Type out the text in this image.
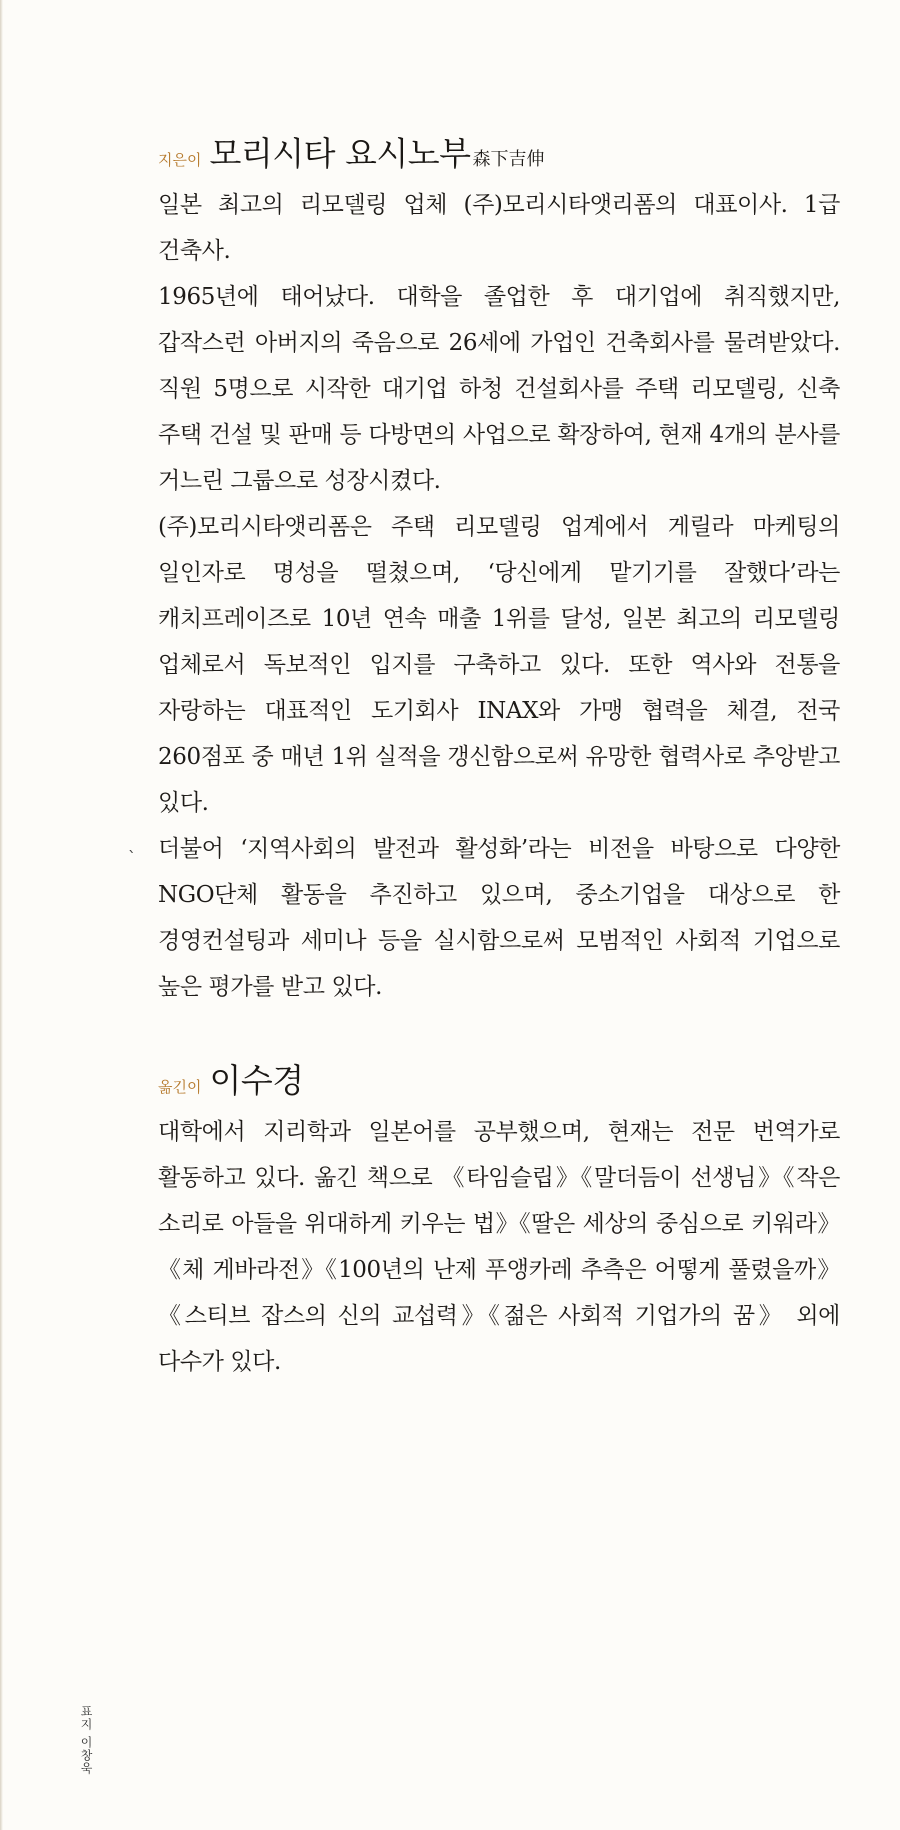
지은이 모리시타 요시노부 森下吉伸

일본 최고의 리모델링 업체 (주)모리시타앳리폼의 대표이사. 1급 건축사.

1965년에 태어났다. 대학을 졸업한 후 대기업에 취직했지만, 갑작스런 아버지의 죽음으로 26세에 가업인 건축회사를 물려받았다. 직원 5명으로 시작한 대기업 하청 건설회사를 주택 리모델링, 신축 주택 건설 및 판매 등 다방면의 사업으로 확장하여, 현재 4개의 분사를 거느린 그룹으로 성장시켰다.

(주)모리시타앳리폼은 주택 리모델링 업계에서 게릴라 마케팅의 일인자로 명성을 떨쳤으며, ‘당신에게 맡기기를 잘했다’라는 캐치프레이즈로 10년 연속 매출 1위를 달성, 일본 최고의 리모델링 업체로서 독보적인 입지를 구축하고 있다. 또한 역사와 전통을 자랑하는 대표적인 도기회사 INAX와 가맹 협력을 체결, 전국 260점포 중 매년 1위 실적을 갱신함으로써 유망한 협력사로 추앙받고 있다.

더불어 ‘지역사회의 발전과 활성화’라는 비전을 바탕으로 다양한 NGO단체 활동을 추진하고 있으며, 중소기업을 대상으로 한 경영컨설팅과 세미나 등을 실시함으로써 모범적인 사회적 기업으로 높은 평가를 받고 있다.

ˋ
옮긴이 이수경

대학에서 지리학과 일본어를 공부했으며, 현재는 전문 번역가로 활동하고 있다. 옮긴 책으로 《타임슬립》《말더듬이 선생님》《작은 소리로 아들을 위대하게 키우는 법》《딸은 세상의 중심으로 키워라》《체 게바라전》《100년의 난제 푸앵카레 추측은 어떻게 풀렸을까》《스티브 잡스의 신의 교섭력》《젊은 사회적 기업가의 꿈》 외에 다수가 있다.

표지 이창욱
